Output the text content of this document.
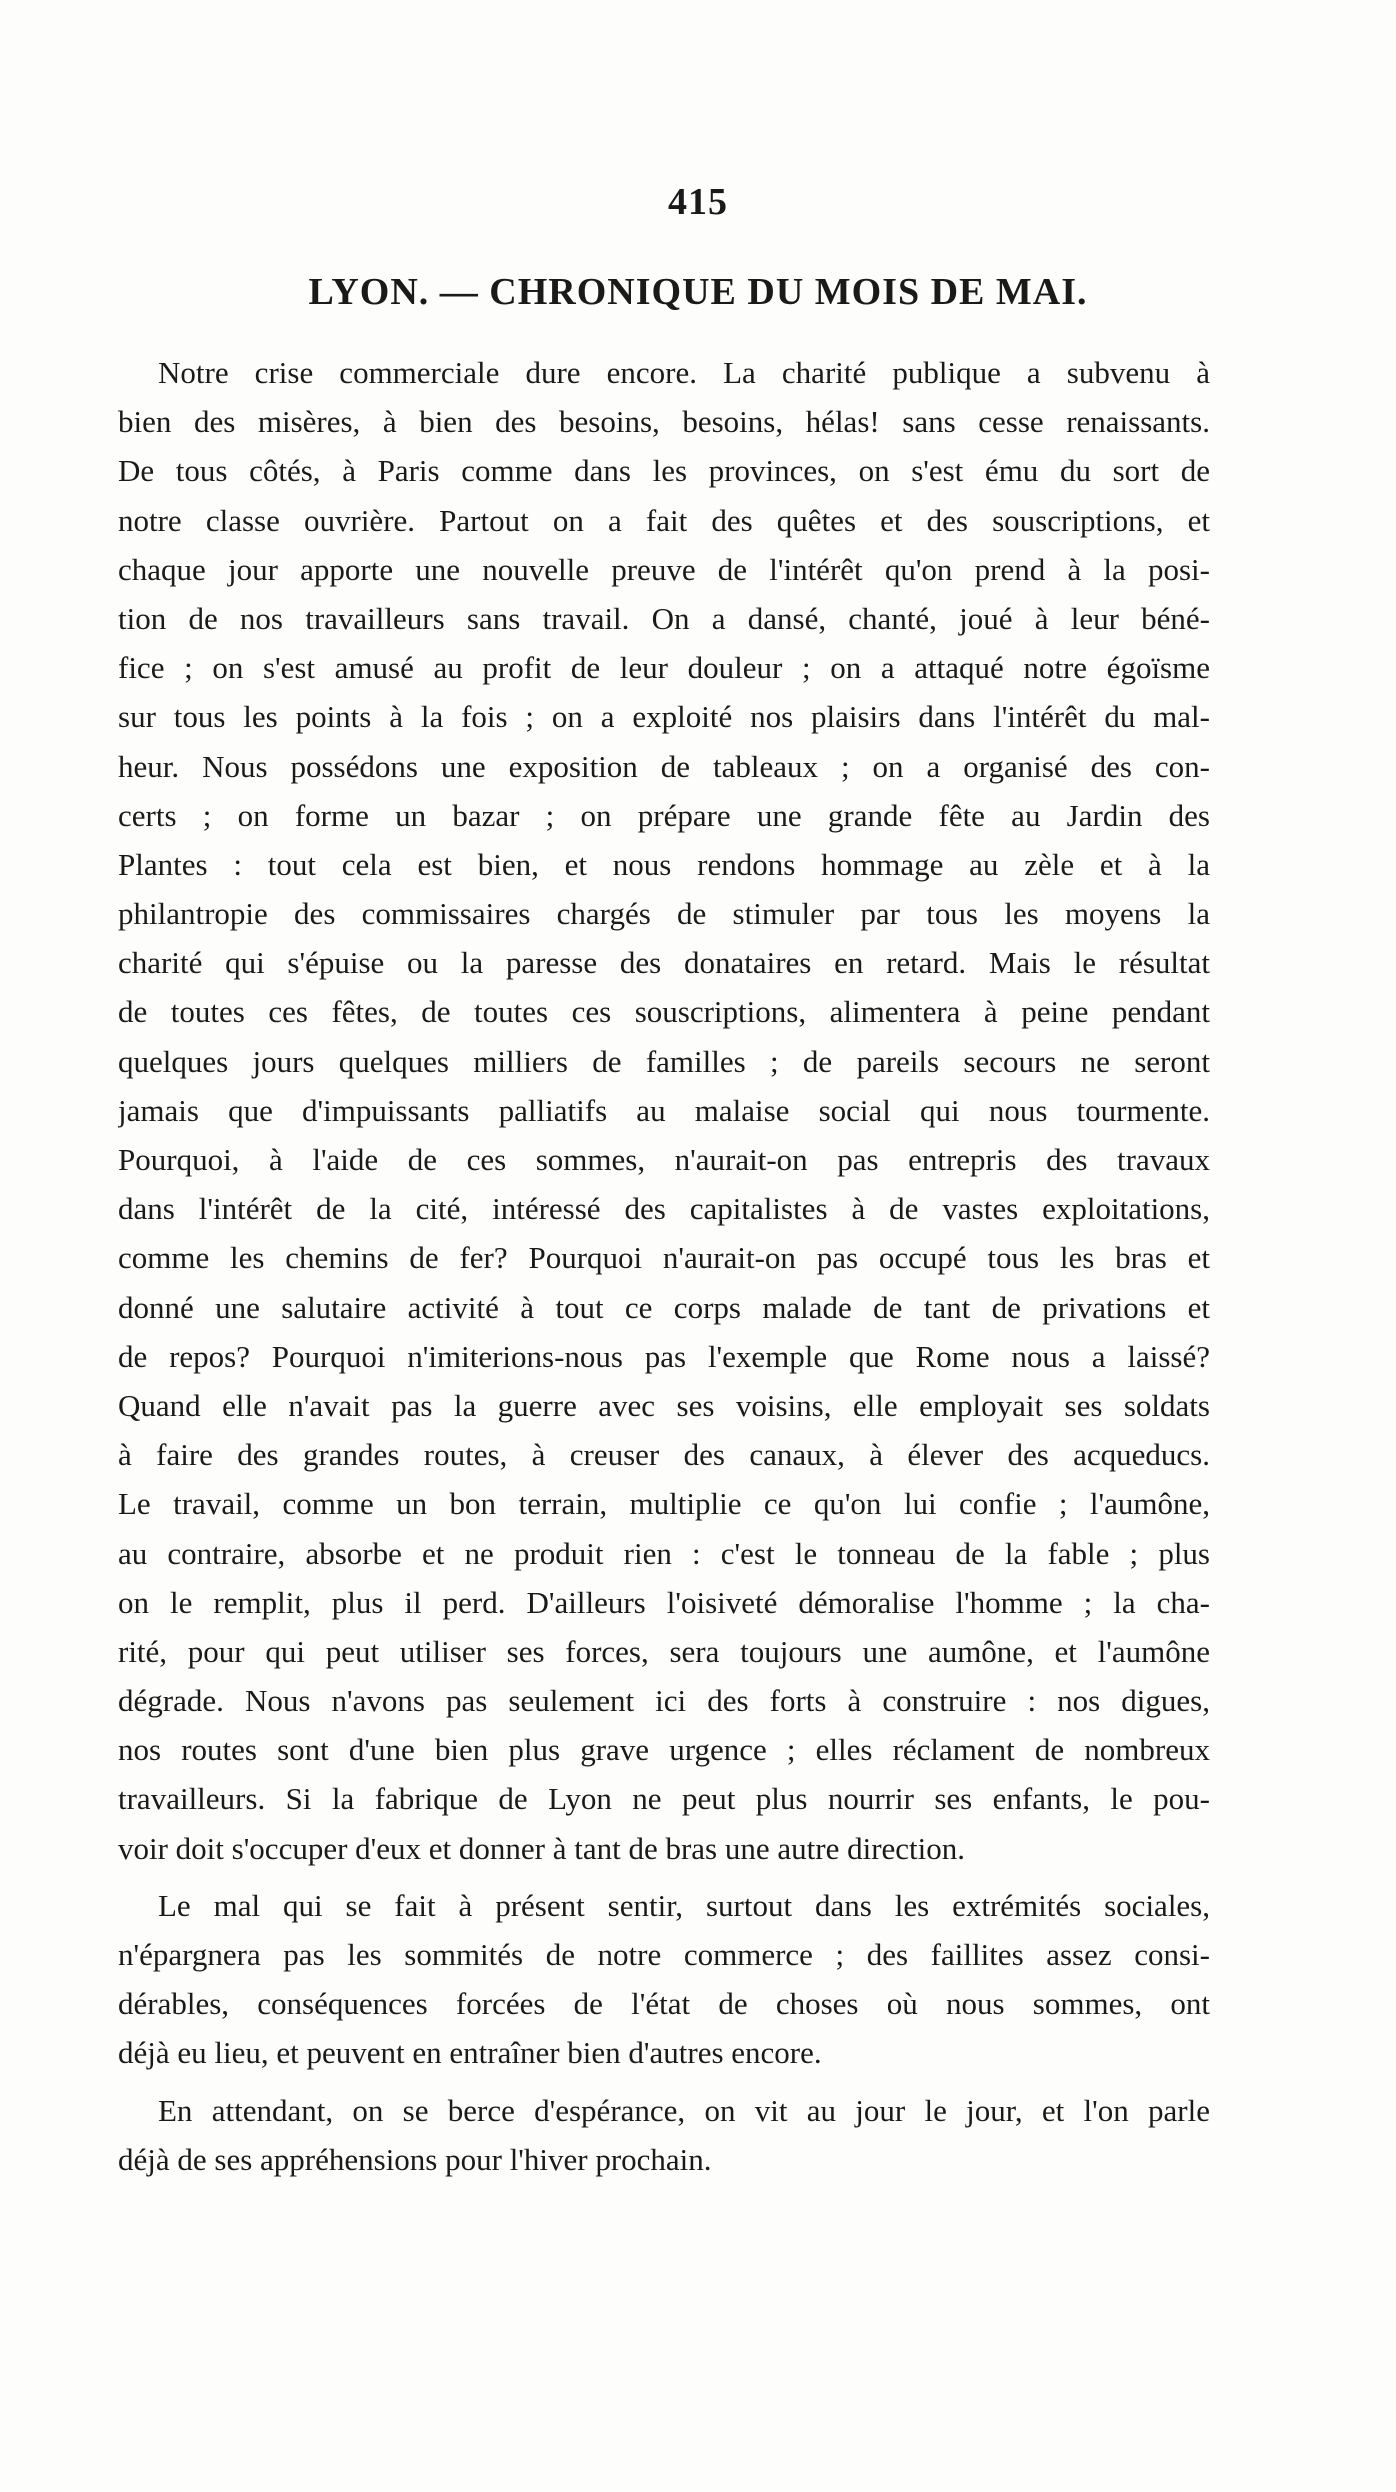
415
LYON. — CHRONIQUE DU MOIS DE MAI.
Notre crise commerciale dure encore. La charité publique a subvenu à
bien des misères, à bien des besoins, besoins, hélas! sans cesse renaissants.
De tous côtés, à Paris comme dans les provinces, on s'est ému du sort de
notre classe ouvrière. Partout on a fait des quêtes et des souscriptions, et
chaque jour apporte une nouvelle preuve de l'intérêt qu'on prend à la posi-
tion de nos travailleurs sans travail. On a dansé, chanté, joué à leur béné-
fice ; on s'est amusé au profit de leur douleur ; on a attaqué notre égoïsme
sur tous les points à la fois ; on a exploité nos plaisirs dans l'intérêt du mal-
heur. Nous possédons une exposition de tableaux ; on a organisé des con-
certs ; on forme un bazar ; on prépare une grande fête au Jardin des
Plantes : tout cela est bien, et nous rendons hommage au zèle et à la
philantropie des commissaires chargés de stimuler par tous les moyens la
charité qui s'épuise ou la paresse des donataires en retard. Mais le résultat
de toutes ces fêtes, de toutes ces souscriptions, alimentera à peine pendant
quelques jours quelques milliers de familles ; de pareils secours ne seront
jamais que d'impuissants palliatifs au malaise social qui nous tourmente.
Pourquoi, à l'aide de ces sommes, n'aurait-on pas entrepris des travaux
dans l'intérêt de la cité, intéressé des capitalistes à de vastes exploitations,
comme les chemins de fer? Pourquoi n'aurait-on pas occupé tous les bras et
donné une salutaire activité à tout ce corps malade de tant de privations et
de repos? Pourquoi n'imiterions-nous pas l'exemple que Rome nous a laissé?
Quand elle n'avait pas la guerre avec ses voisins, elle employait ses soldats
à faire des grandes routes, à creuser des canaux, à élever des acqueducs.
Le travail, comme un bon terrain, multiplie ce qu'on lui confie ; l'aumône,
au contraire, absorbe et ne produit rien : c'est le tonneau de la fable ; plus
on le remplit, plus il perd. D'ailleurs l'oisiveté démoralise l'homme ; la cha-
rité, pour qui peut utiliser ses forces, sera toujours une aumône, et l'aumône
dégrade. Nous n'avons pas seulement ici des forts à construire : nos digues,
nos routes sont d'une bien plus grave urgence ; elles réclament de nombreux
travailleurs. Si la fabrique de Lyon ne peut plus nourrir ses enfants, le pou-
voir doit s'occuper d'eux et donner à tant de bras une autre direction.
Le mal qui se fait à présent sentir, surtout dans les extrémités sociales,
n'épargnera pas les sommités de notre commerce ; des faillites assez consi-
dérables, conséquences forcées de l'état de choses où nous sommes, ont
déjà eu lieu, et peuvent en entraîner bien d'autres encore.
En attendant, on se berce d'espérance, on vit au jour le jour, et l'on parle
déjà de ses appréhensions pour l'hiver prochain.
